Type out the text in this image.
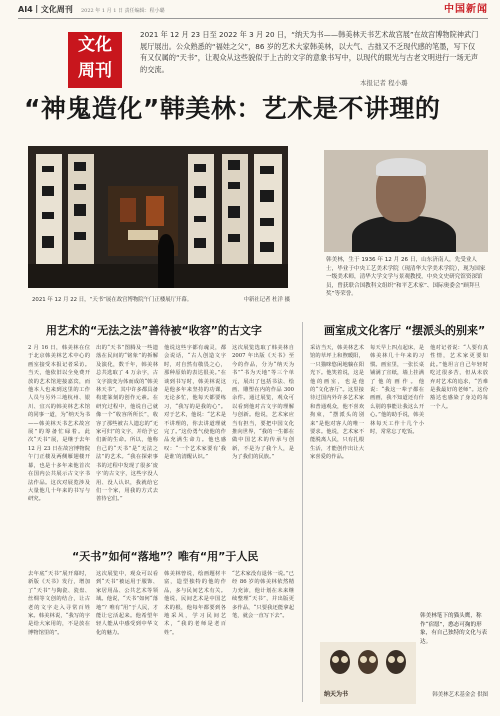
AI4丨文化周刊 2022 年 1 月 1 日 责任编辑：程小璐	中国新闻
文化
周刊
2021 年 12 月 23 日至 2022 年 3 月 20 日，“纳天为书——韩美林天书艺术故宫展”在故宫博物院神武门展厅展出。公众熟悉的“福娃之父”，86 岁的艺术大家韩美林，以大气、古拙又不乏现代感的笔墨，写下仅有又仅属的“天书”，让观众从这些貌似于上古的文字的意象书写中，以现代的眼光与古老文明进行一场无声的交流。
本报记者 程小璐
“神鬼造化”韩美林：艺术是不讲理的
2021 年 12 月 22 日，“天书”展在故宫博物院午门正楼展厅开幕。	中新社记者 杜洋 摄
韩美林，生于 1936 年 12 月 26 日，山东济南人，先受业人士，毕业于中央工艺美术学院（现清华大学美术学院），现为国家一级美术师，清华大学文学与景观教授，中央文史研究馆资深馆员，曾获联合国教科文组织“和平艺术家”、国际奥委会“顾拜旦奖”等荣誉。
用艺术的“无法之法”善待被“收容”的古文字	画室成文化客厅 “摆派头的别来”
2 月 16 日，韩美林在位于北京韩美林艺术中心的画室接受本报记者采访。当天，他依旧以全免费开放的艺术馆迎接嘉宾，而他本人也来到这里的工作人员与另外三地杭州、银川、宜兴的韩美林艺术馆的同事一道，为“纳天为书——韩美林天书艺术故宫展”的筹备忙碌着。此次“天书”展，是继于去年 12 月 23 日在故宫博物院午门正楼及两侧雁翅楼开幕，也是十多年来他首次在国内公共展示古文字书法作品。这次对展览涉及大量他几十年来的书写与研究。
出的“天书”图腾及一些遗落在民间的“铭象”的拆解及演化，数千年，韩美林总共选取了 4 万余字，古文字演变为体而成的“韩美林天书”，其中许多都具备构建篆刻的创作元素。在研究过程中，他说自己就像一个“收容所所长”，收容了那些被古人遗忘的“无家可归”的文字，并给予它们新的生命。所以，他称自己的“天书”是“无法之法”的艺术。“我在探索事书的过程中发现了很多‘废字’的古文字，这些字没人用、没人认识，我就给它们一个家，用我的方式去善待它们。”
他说这些字都有魂灵，都会说话，“古人创造文字时，对自然有敬畏之心，那种原始的表达很美。”在谈到书写时，韩美林说这是他多年来坚持的功课，无论多忙，他每天都要练习，“我写的是我的心”。对于艺术，他说：“艺术是不讲理的，你去讲道理就完了。”这份勇气使他的作品充满生命力。他也感叹：“一个艺术家要有‘我是谁’的清醒认识。”
这次展览选取了韩美林自 2007 年出版《天书》至今的作品，分为“纳天为书”“书为天地”等三个单元，展出了包括书法、绘画、雕塑在内的作品 300 余件。通过展览，观众可以看到他对古文字的理解与创新。他说，艺术家应当有担当，要把中国文化推向世界，“我的一生都在做中国艺术的传承与创新，不是为了我个人，是为了我们的民族。”
采访当天，韩美林艺术馆的草坪上和煦暖阳，一只猫咪悠闲地躺在阳光下。他笑着说，这是他的画室，也是他的“文化客厅”。这里接待过国内外许多艺术家和普通观众，他不喜欢拘束，“摆派头的别来”是他对客人的唯一要求。他说，艺术家不能脱离人民，只有扎根生活，才能创作出让大家喜爱的作品。
每天早上四点起床，是韩美林几十年来的习惯。画室里，一张长桌铺满了宣纸，墙上挂满了他的画作。他说：“我这一辈子都在画画，我不知道还有什么别的事能让我这么开心。”他的助手说，韩美林每天工作十几个小时，常常忘了吃饭。
他对记者说：“人要有真性情，艺术家更要如此。”他坦言自己年轻时吃过很多苦，但从未放弃对艺术的追求，“苦难是我最好的老师”。这份豁达也感染了身边的每一个人。
“天书”如何“落地”？唯有“用”于人民
去年底“天书”展开幕时，新版《天书》发行，增加了“天书”与陶瓷、瓷盘、丝绸等文创的结合，让古老的文字走入寻常百姓家。韩美林说，“我写的字是给大家用的，不是放在博物馆里的”。
这次展览中，观众可以看到“天书”被运用于服饰、家居用品、公共艺术等领域。他说，“天书”如何“落地”？唯有“用”于人民，才能让它活起来。他希望年轻人能从中感受到中华文化的魅力。
韩美林曾说，绘画题材丰富，造型独特的他的作品，多与民间艺术有关。他说，民间艺术是中国艺术的根，他每年都要到各地采风，学习民间艺术，“我的老师是老百姓”。
“艺术家没有退休一说。”已经 86 岁的韩美林依然精力充沛，他计划在未来继续整理“天书”，并出版更多作品，“只要我还能拿起笔，就会一直写下去”。
纳天为书
韩美林笔下的猫头鹰，称作“宿愿”，憨态可掬的形象，有自己独特的文化与表达。
韩美林艺术基金会 供图
